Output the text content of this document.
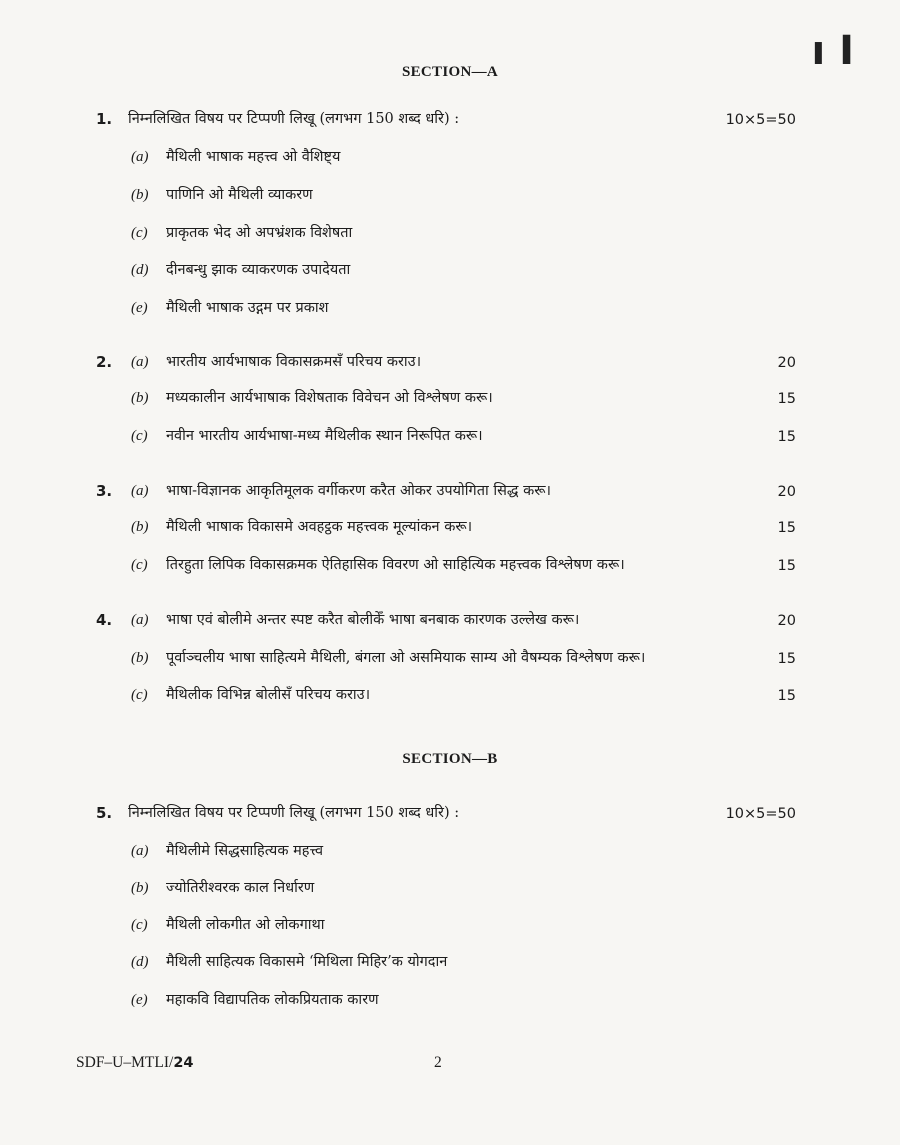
ı I
SECTION—A
1.	निम्नलिखित विषय पर टिप्पणी लिखू (लगभग 150 शब्द धरि) :	10×5=50
(a)	मैथिली भाषाक महत्त्व ओ वैशिष्ट्य
(b)	पाणिनि ओ मैथिली व्याकरण
(c)	प्राकृतक भेद ओ अपभ्रंशक विशेषता
(d)	दीनबन्धु झाक व्याकरणक उपादेयता
(e)	मैथिली भाषाक उद्गम पर प्रकाश
2.	(a)	भारतीय आर्यभाषाक विकासक्रमसँ परिचय कराउ।	20
(b)	मध्यकालीन आर्यभाषाक विशेषताक विवेचन ओ विश्लेषण करू।	15
(c)	नवीन भारतीय आर्यभाषा-मध्य मैथिलीक स्थान निरूपित करू।	15
3.	(a)	भाषा-विज्ञानक आकृतिमूलक वर्गीकरण करैत ओकर उपयोगिता सिद्ध करू।	20
(b)	मैथिली भाषाक विकासमे अवहट्ठक महत्त्वक मूल्यांकन करू।	15
(c)	तिरहुता लिपिक विकासक्रमक ऐतिहासिक विवरण ओ साहित्यिक महत्त्वक विश्लेषण करू।	15
4.	(a)	भाषा एवं बोलीमे अन्तर स्पष्ट करैत बोलीकेँ भाषा बनबाक कारणक उल्लेख करू।	20
(b)	पूर्वाञ्चलीय भाषा साहित्यमे मैथिली, बंगला ओ असमियाक साम्य ओ वैषम्यक विश्लेषण करू।	15
(c)	मैथिलीक विभिन्न बोलीसँ परिचय कराउ।	15
SECTION—B
5.	निम्नलिखित विषय पर टिप्पणी लिखू (लगभग 150 शब्द धरि) :	10×5=50
(a)	मैथिलीमे सिद्धसाहित्यक महत्त्व
(b)	ज्योतिरीश्वरक काल निर्धारण
(c)	मैथिली लोकगीत ओ लोकगाथा
(d)	मैथिली साहित्यक विकासमे ‘मिथिला मिहिर’क योगदान
(e)	महाकवि विद्यापतिक लोकप्रियताक कारण
SDF–U–MTLI/24	2
